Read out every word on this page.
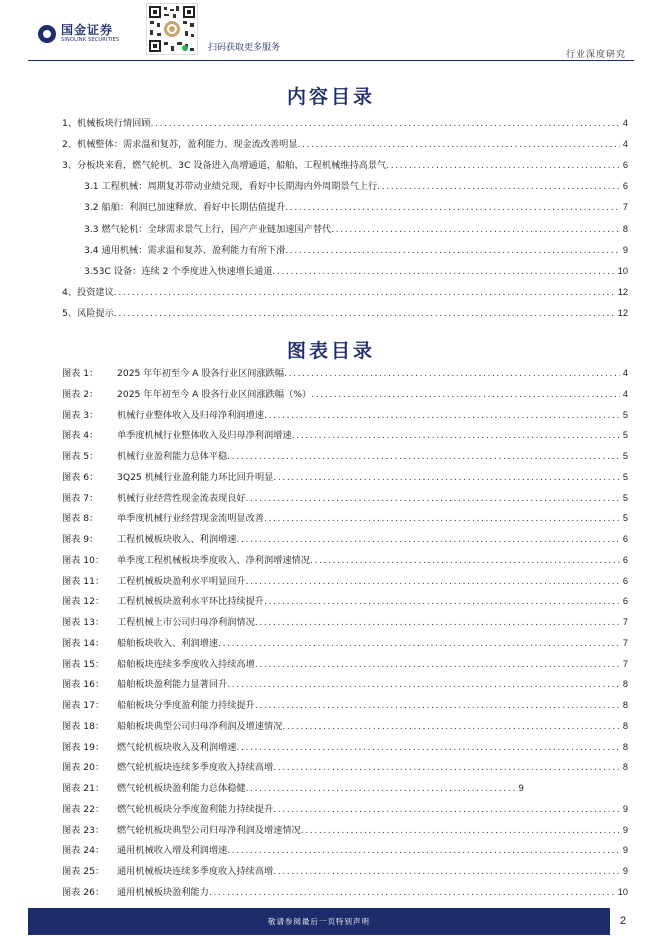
国金证券
SINOLINK SECURITIES
扫码获取更多服务
行业深度研究
内容目录
1、机械板块行情回顾 .....	4
2、机械整体：需求温和复苏，盈利能力、现金流改善明显 .....	4
3、分板块来看，燃气轮机、3C 设备进入高增通道，船舶、工程机械维持高景气 .....	6
3.1 工程机械：周期复苏带动业绩兑现，看好中长期海内外周期景气上行 .....	6
3.2 船舶：利润已加速释放、看好中长期估值提升 .....	7
3.3 燃气轮机：全球需求景气上行，国产产业链加速国产替代 .....	8
3.4 通用机械：需求温和复苏、盈利能力有所下滑 .....	9
3.53C 设备：连续 2 个季度进入快速增长通道 .....	10
4、投资建议 .....	12
5、风险提示 .....	12
图表目录
图表 1： 2025 年年初至今 A 股各行业区间涨跌幅 .....	4
图表 2： 2025 年年初至今 A 股各行业区间涨跌幅（%） .....	4
图表 3： 机械行业整体收入及归母净利润增速 .....	5
图表 4： 单季度机械行业整体收入及归母净利润增速 .....	5
图表 5： 机械行业盈利能力总体平稳 .....	5
图表 6： 3Q25 机械行业盈利能力环比回升明显 .....	5
图表 7： 机械行业经营性现金流表现良好 .....	5
图表 8： 单季度机械行业经营现金流明显改善 .....	5
图表 9： 工程机械板块收入、利润增速 .....	6
图表 10： 单季度工程机械板块季度收入、净利润增速情况 .....	6
图表 11： 工程机械板块盈利水平明显回升 .....	6
图表 12： 工程机械板块盈利水平环比持续提升 .....	6
图表 13： 工程机械上市公司归母净利润情况 .....	7
图表 14： 船舶板块收入、利润增速 .....	7
图表 15： 船舶板块连续多季度收入持续高增 .....	7
图表 16： 船舶板块盈利能力显著回升 .....	8
图表 17： 船舶板块分季度盈利能力持续提升 .....	8
图表 18： 船舶板块典型公司归母净利润及增速情况 .....	8
图表 19： 燃气轮机板块收入及利润增速 .....	8
图表 20： 燃气轮机板块连续多季度收入持续高增 .....	8
图表 21： 燃气轮机板块盈利能力总体稳健 .....	9
图表 22： 燃气轮机板块分季度盈利能力持续提升 .....	9
图表 23： 燃气轮机板块典型公司归母净利润及增速情况 .....	9
图表 24： 通用机械收入增及利润增速 .....	9
图表 25： 通用机械板块连续多季度收入持续高增 .....	9
图表 26： 通用机械板块盈利能力 .....	10
敬请参阅最后一页特别声明	2
